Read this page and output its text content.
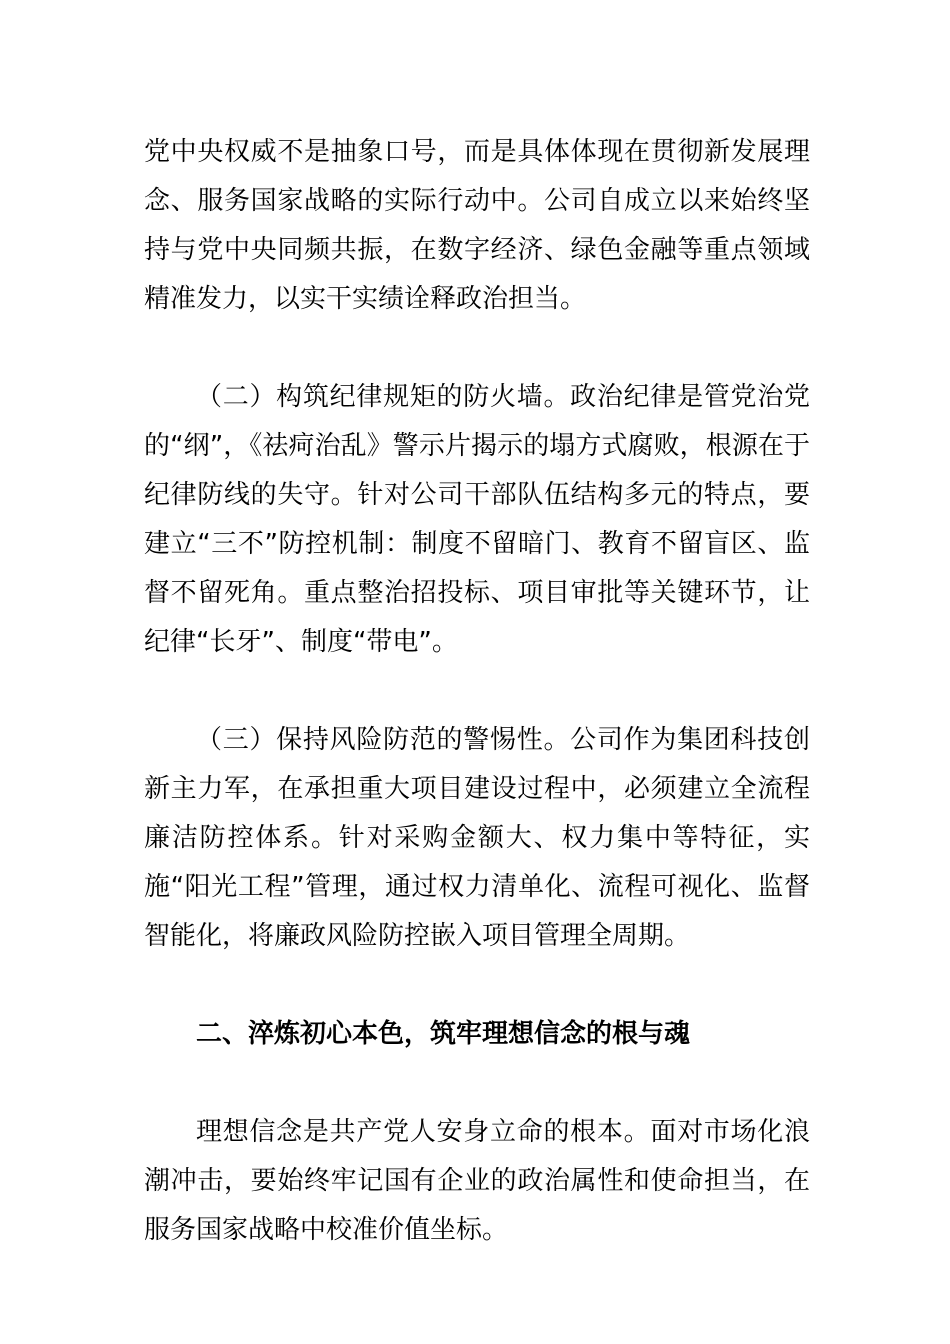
党中央权威不是抽象口号，而是具体体现在贯彻新发展理念、服务国家战略的实际行动中。公司自成立以来始终坚持与党中央同频共振，在数字经济、绿色金融等重点领域精准发力，以实干实绩诠释政治担当。

（二）构筑纪律规矩的防火墙。政治纪律是管党治党的“纲”，《祛疴治乱》警示片揭示的塌方式腐败，根源在于纪律防线的失守。针对公司干部队伍结构多元的特点，要建立“三不”防控机制：制度不留暗门、教育不留盲区、监督不留死角。重点整治招投标、项目审批等关键环节，让纪律“长牙”、制度“带电”。

（三）保持风险防范的警惕性。公司作为集团科技创新主力军，在承担重大项目建设过程中，必须建立全流程廉洁防控体系。针对采购金额大、权力集中等特征，实施“阳光工程”管理，通过权力清单化、流程可视化、监督智能化，将廉政风险防控嵌入项目管理全周期。

二、淬炼初心本色，筑牢理想信念的根与魂

理想信念是共产党人安身立命的根本。面对市场化浪潮冲击，要始终牢记国有企业的政治属性和使命担当，在服务国家战略中校准价值坐标。
